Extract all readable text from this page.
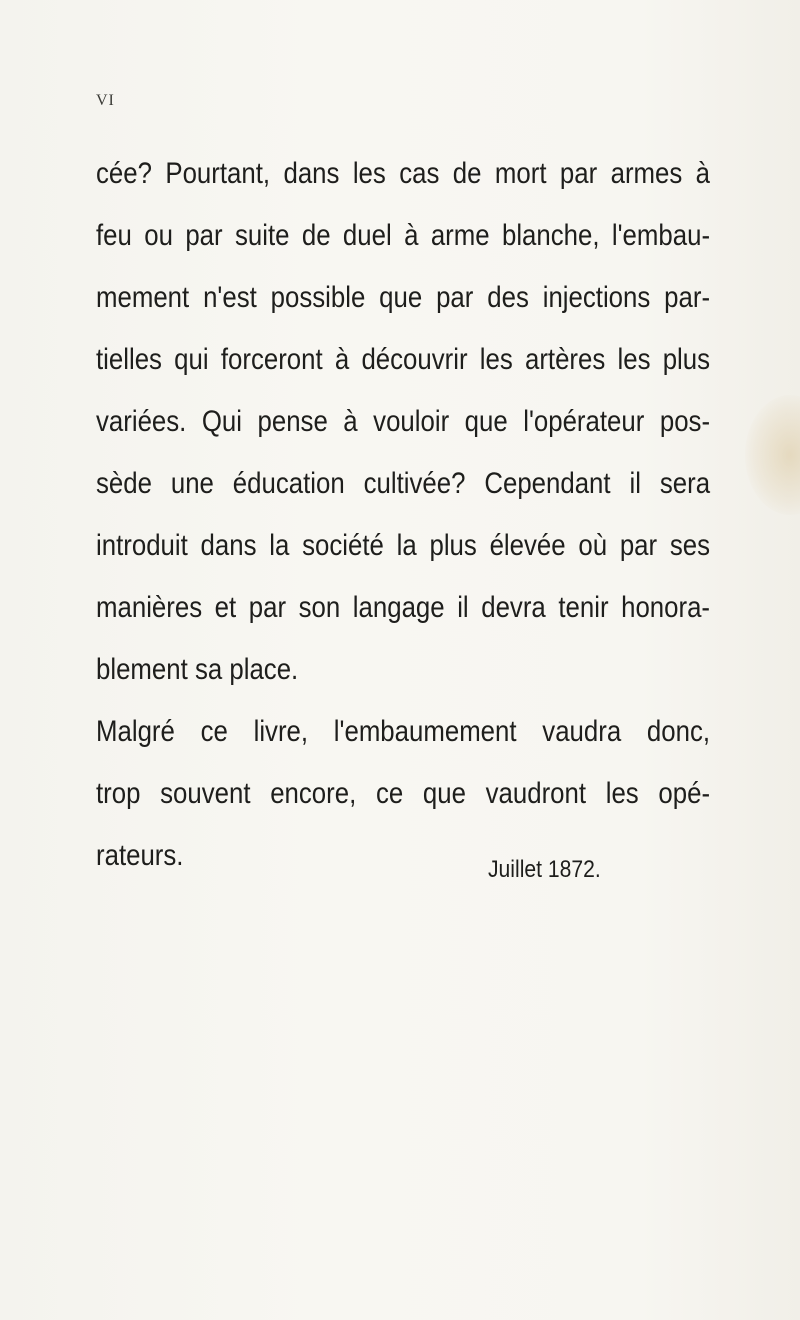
VI
cée? Pourtant, dans les cas de mort par armes à
feu ou par suite de duel à arme blanche, l'embau-
mement n'est possible que par des injections par-
tielles qui forceront à découvrir les artères les plus
variées. Qui pense à vouloir que l'opérateur pos-
sède une éducation cultivée? Cependant il sera
introduit dans la société la plus élevée où par ses
manières et par son langage il devra tenir honora-
blement sa place.
Malgré ce livre, l'embaumement vaudra donc,
trop souvent encore, ce que vaudront les opé-
rateurs.	Juillet 1872.
